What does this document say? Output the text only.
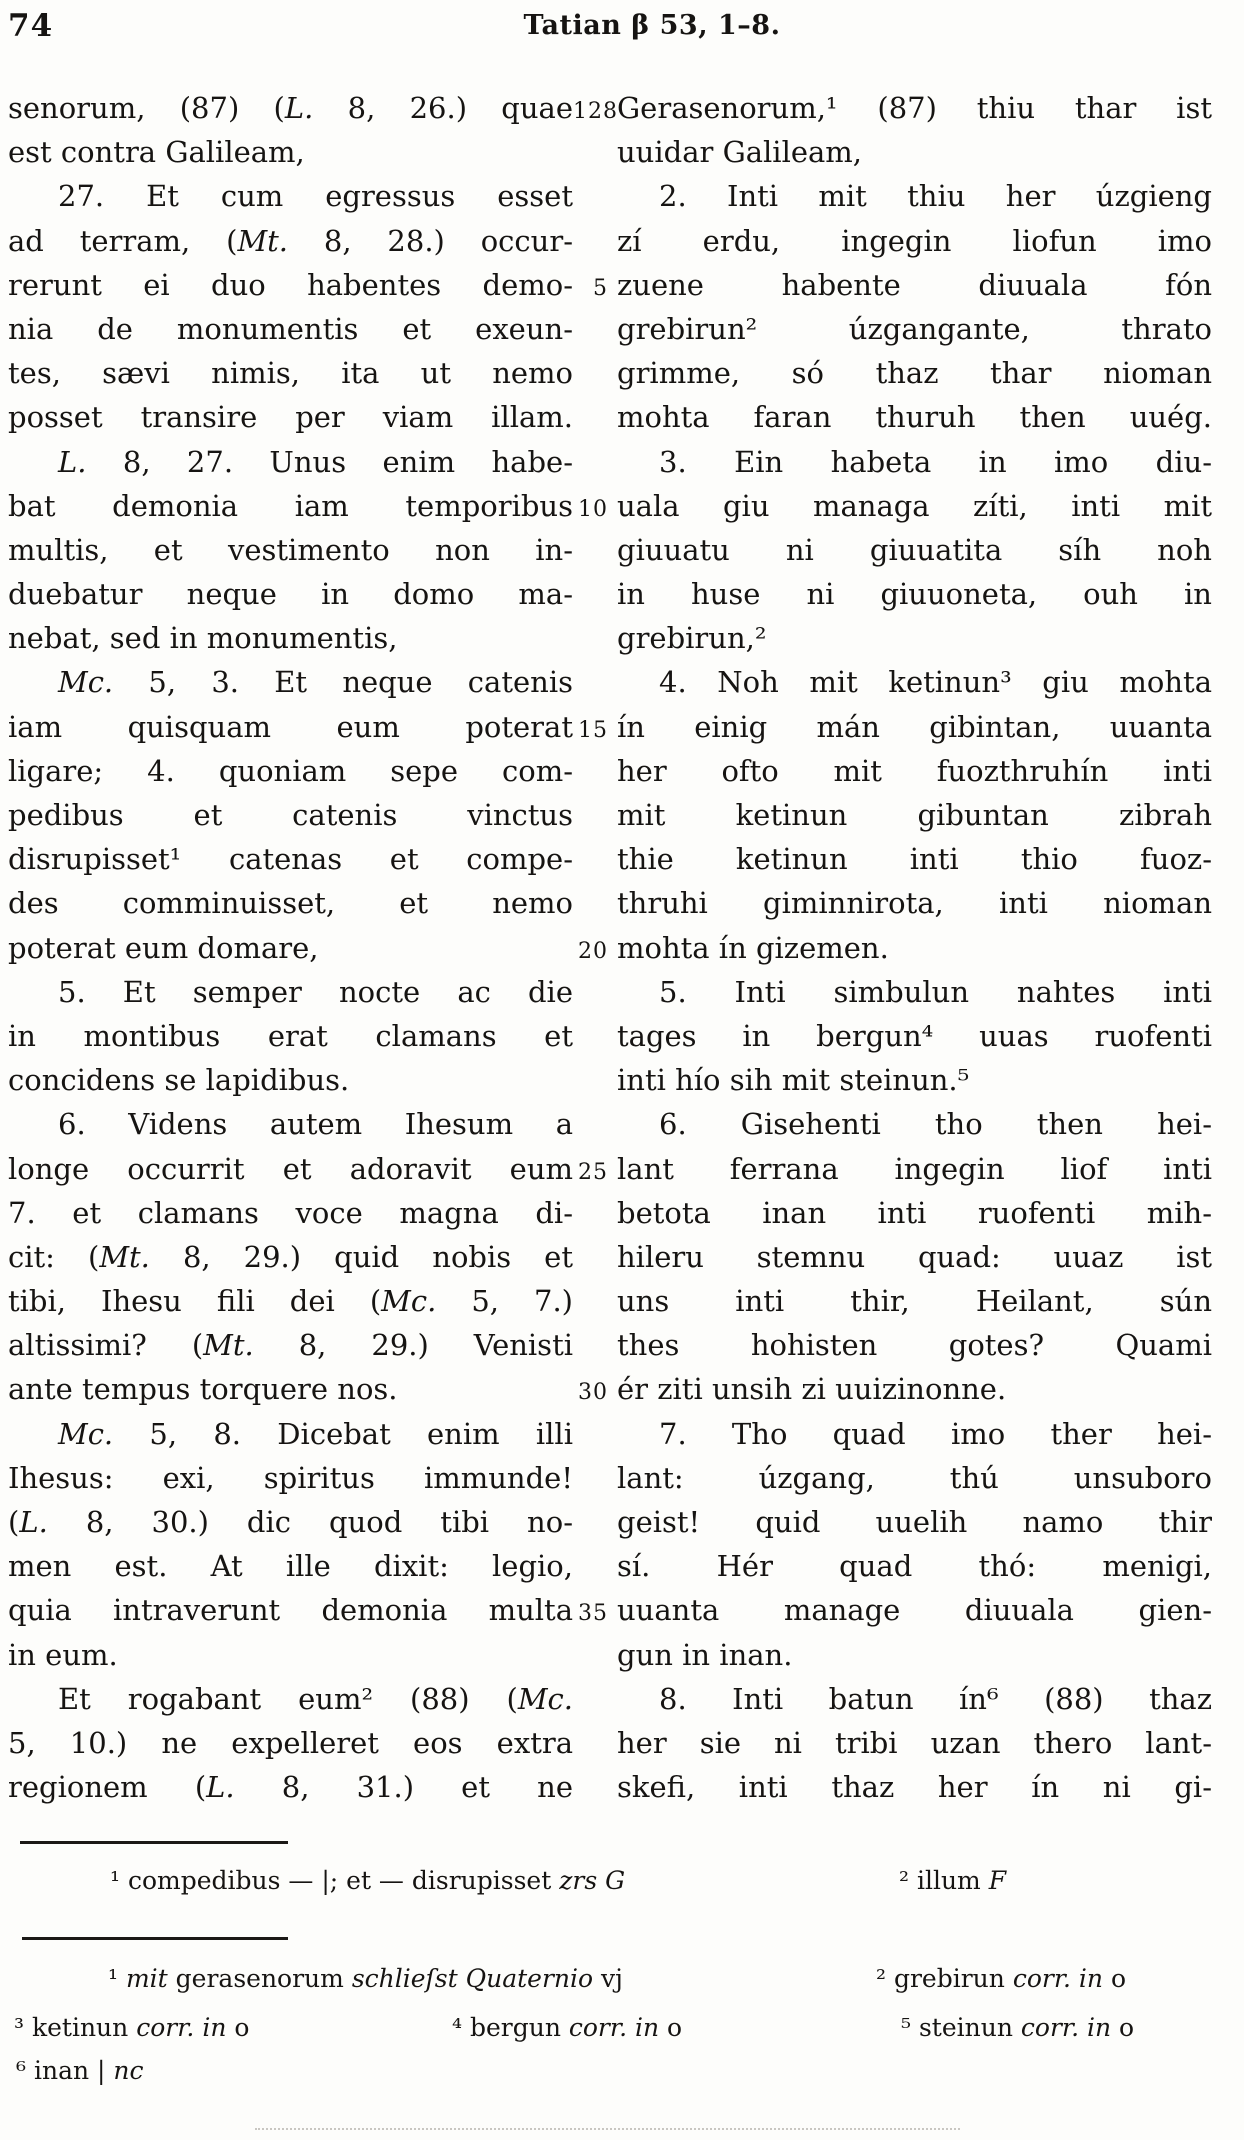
74	Tatian β 53, 1–8.
senorum, (87) (L. 8, 26.) quae 128 Gerasenorum,¹ (87) thiu thar ist
est contra Galileam,	uuidar Galileam,
27. Et cum egressus esset	2. Inti mit thiu her úzgieng
ad terram, (Mt. 8, 28.) occur- zí erdu, ingegin liofun imo
rerunt ei duo habentes demo- 5 zuene habente diuuala fón
nia de monumentis et exeun- grebirun² úzgangante, thrato
tes, sævi nimis, ita ut nemo grimme, só thaz thar nioman
posset transire per viam illam. mohta faran thuruh then uuég.
L. 8, 27. Unus enim habe-	3. Ein habeta in imo diu-
bat demonia iam temporibus 10 uala giu managa zíti, inti mit
multis, et vestimento non in- giuuatu ni giuuatita síh noh
duebatur neque in domo ma- in huse ni giuuoneta, ouh in
nebat, sed in monumentis,	grebirun,²
Mc. 5, 3. Et neque catenis	4. Noh mit ketinun³ giu mohta
iam quisquam eum poterat 15 ín einig mán gibintan, uuanta
ligare; 4. quoniam sepe com- her ofto mit fuozthruhín inti
pedibus et catenis vinctus mit ketinun gibuntan zibrah
disrupisset¹ catenas et compe- thie ketinun inti thio fuoz-
des comminuisset, et nemo thruhi giminnirota, inti nioman
poterat eum domare,	20 mohta ín gizemen.
5. Et semper nocte ac die	5. Inti simbulun nahtes inti
in montibus erat clamans et tages in bergun⁴ uuas ruofenti
concidens se lapidibus.	inti hío sih mit steinun.⁵
6. Videns autem Ihesum a	6. Gisehenti tho then hei-
longe occurrit et adoravit eum 25 lant ferrana ingegin liof inti
7. et clamans voce magna di- betota inan inti ruofenti mih-
cit: (Mt. 8, 29.) quid nobis et hileru stemnu quad: uuaz ist
tibi, Ihesu fili dei (Mc. 5, 7.) uns inti thir, Heilant, sún
altissimi? (Mt. 8, 29.) Venisti thes hohisten gotes? Quami
ante tempus torquere nos.	30 ér ziti unsih zi uuizinonne.
Mc. 5, 8. Dicebat enim illi	7. Tho quad imo ther hei-
Ihesus: exi, spiritus immunde! lant: úzgang, thú unsuboro
(L. 8, 30.) dic quod tibi no- geist! quid uuelih namo thir
men est. At ille dixit: legio, sí. Hér quad thó: menigi,
quia intraverunt demonia multa 35 uuanta manage diuuala gien-
in eum.	gun in inan.
Et rogabant eum² (88) (Mc.	8. Inti batun ín⁶ (88) thaz
5, 10.) ne expelleret eos extra her sie ni tribi uzan thero lant-
regionem (L. 8, 31.) et ne skefi, inti thaz her ín ni gi-
¹ compedibus — |; et — disrupisset zrs G	² illum F
¹ mit gerasenorum schlieſst Quaternio vj	² grebirun corr. in o
³ ketinun corr. in o	⁴ bergun corr. in o	⁵ steinun corr. in o
⁶ inan | nc
